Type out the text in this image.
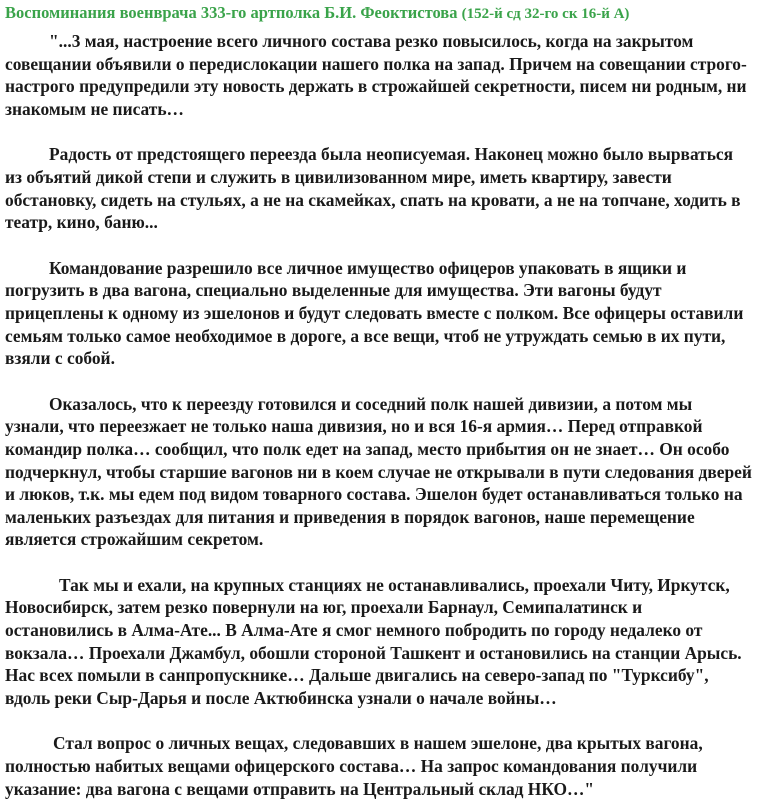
Воспоминания военврача 333-го артполка Б.И. Феоктистова (152-й сд 32-го ск 16-й А)

"...3 мая, настроение всего личного состава резко повысилось, когда на закрытом совещании объявили о передислокации нашего полка на запад. Причем на совещании строго-настрого предупредили эту новость держать в строжайшей секретности, писем ни родным, ни знакомым не писать…

Радость от предстоящего переезда была неописуемая. Наконец можно было вырваться из объятий дикой степи и служить в цивилизованном мире, иметь квартиру, завести обстановку, сидеть на стульях, а не на скамейках, спать на кровати, а не на топчане, ходить в театр, кино, баню...

Командование разрешило все личное имущество офицеров упаковать в ящики и погрузить в два вагона, специально выделенные для имущества. Эти вагоны будут прицеплены к одному из эшелонов и будут следовать вместе с полком. Все офицеры оставили семьям только самое необходимое в дороге, а все вещи, чтоб не утруждать семью в их пути, взяли с собой.

Оказалось, что к переезду готовился и соседний полк нашей дивизии, а потом мы узнали, что переезжает не только наша дивизия, но и вся 16-я армия… Перед отправкой командир полка… сообщил, что полк едет на запад, место прибытия он не знает… Он особо подчеркнул, чтобы старшие вагонов ни в коем случае не открывали в пути следования дверей и люков, т.к. мы едем под видом товарного состава. Эшелон будет останавливаться только на маленьких разъездах для питания и приведения в порядок вагонов, наше перемещение является строжайшим секретом.

Так мы и ехали, на крупных станциях не останавливались, проехали Читу, Иркутск, Новосибирск, затем резко повернули на юг, проехали Барнаул, Семипалатинск и остановились в Алма-Ате... В Алма-Ате я смог немного побродить по городу недалеко от вокзала… Проехали Джамбул, обошли стороной Ташкент и остановились на станции Арысь. Нас всех помыли в санпропускнике… Дальше двигались на северо-запад по "Турксибу", вдоль реки Сыр-Дарья и после Актюбинска узнали о начале войны…

Стал вопрос о личных вещах, следовавших в нашем эшелоне, два крытых вагона, полностью набитых вещами офицерского состава… На запрос командования получили указание: два вагона с вещами отправить на Центральный склад НКО…"
